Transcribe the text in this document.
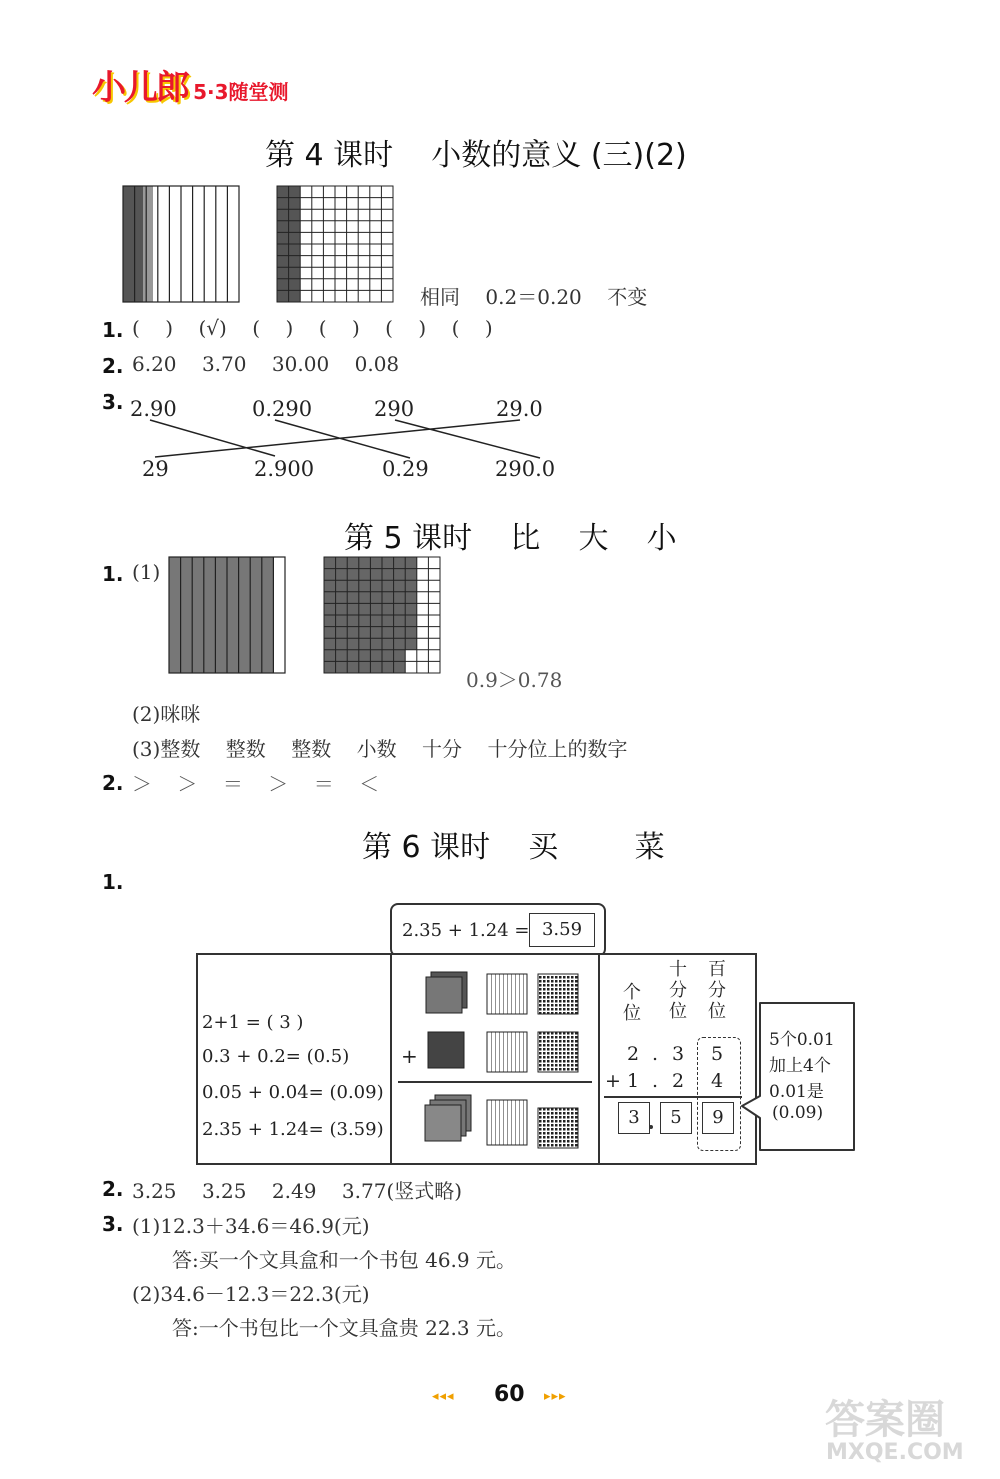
小儿郎 5·3随堂测
第 4 课时    小数的意义 (三)(2)
相同    0.2＝0.20    不变
1. (    )    (√)    (    )    (    )    (    )    (    )
2. 6.20    3.70    30.00    0.08
3. 2.90	0.290	290	29.0
29	2.900	0.29	290.0
第 5 课时    比    大    小
1. (1)
0.9＞0.78
(2)咪咪
(3)整数    整数    整数    小数    十分    十分位上的数字
2. ＞    ＞    ＝    ＞    ＝    ＜
第 6 课时    买        菜
1.
2.35 + 1.24 = 3.59
2+1 = ( 3 )
0.3 + 0.2= (0.5)
0.05 + 0.04= (0.09)
2.35 + 1.24= (3.59)
+
个位
十分位
百分位
2 . 3 5
+ 1 . 2 4
3	5	9
5个0.01
加上4个
0.01是
(0.09)
2. 3.25    3.25    2.49    3.77(竖式略)
3. (1)12.3＋34.6＝46.9(元)
答:买一个文具盒和一个书包 46.9 元。
(2)34.6－12.3＝22.3(元)
答:一个书包比一个文具盒贵 22.3 元。
◂◂◂ 60 ▸▸▸
答案圈
MXQE.COM
